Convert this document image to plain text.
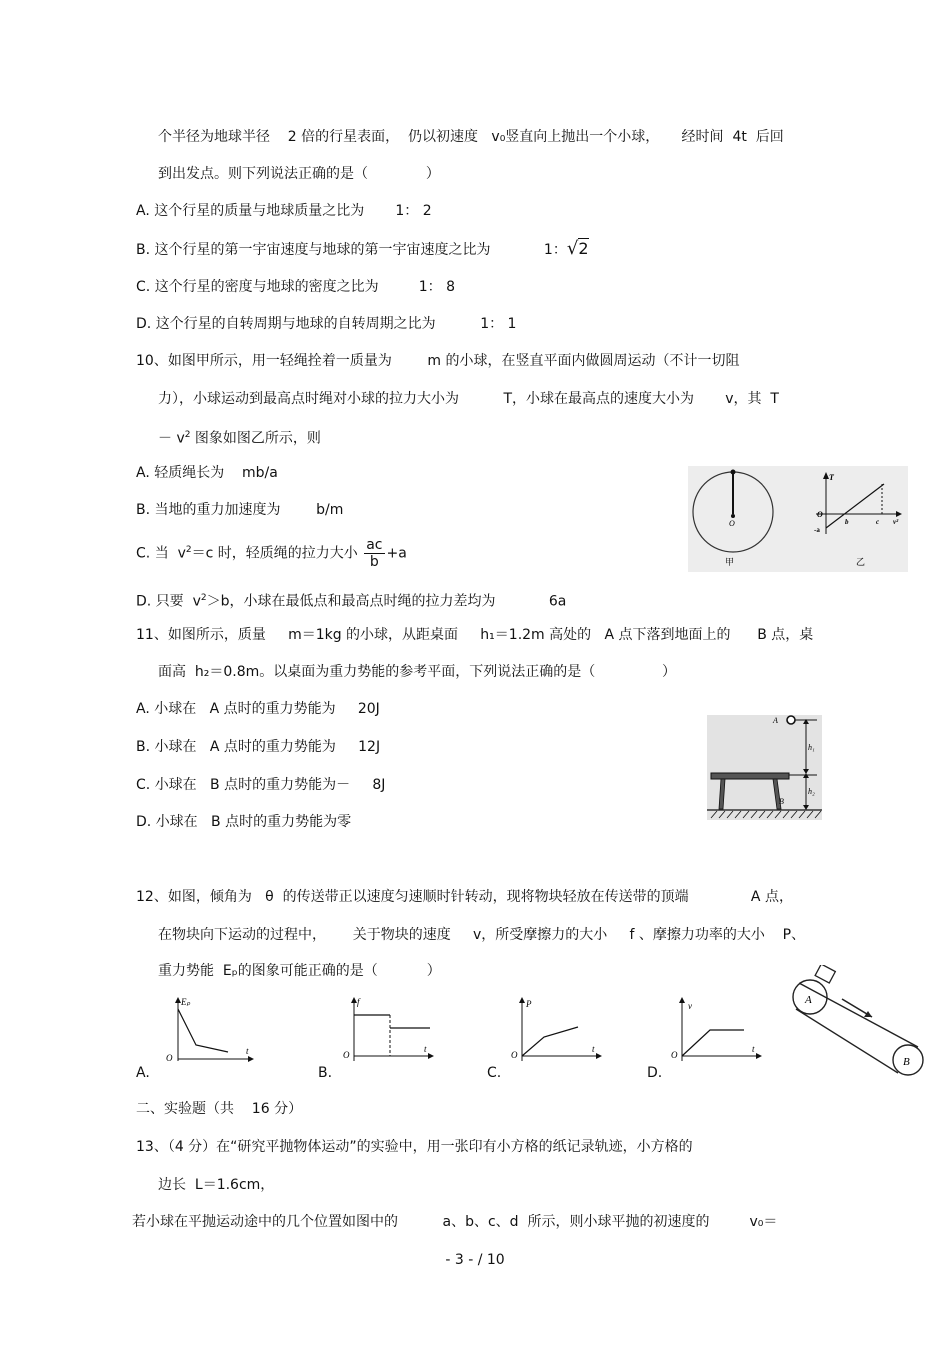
个半径为地球半径    2 倍的行星表面，  仍以初速度   v₀竖直向上抛出一个小球，     经时间  4t  后回
到出发点。则下列说法正确的是（             ）
A. 这个行星的质量与地球质量之比为       1： 2
B. 这个行星的第一宇宙速度与地球的第一宇宙速度之比为            1：√2
C. 这个行星的密度与地球的密度之比为         1： 8
D. 这个行星的自转周期与地球的自转周期之比为          1： 1
10、如图甲所示，用一轻绳拴着一质量为        m 的小球，在竖直平面内做圆周运动（不计一切阻
力），小球运动到最高点时绳对小球的拉力大小为          T，小球在最高点的速度大小为       v，其  T
－ $v^2$ 图象如图乙所示，则
A. 轻质绳长为    mb/a
B. 当地的重力加速度为        b/m
C. 当  $v^2=c$ 时，轻质绳的拉力大小 $\frac{ac}{b} +a$
D. 只要  $v^2>b$，小球在最低点和最高点时绳的拉力差均为            6a
O
甲
T
O
-a
b	c v²
乙
11、如图所示，质量     m＝1kg 的小球，从距桌面     h₁＝1.2m 高处的   A 点下落到地面上的      B 点，桌
面高  h₂＝0.8m。以桌面为重力势能的参考平面，下列说法正确的是（               ）
A. 小球在   A 点时的重力势能为     20J
B. 小球在   A 点时的重力势能为     12J
C. 小球在   B 点时的重力势能为－     8J
D. 小球在   B 点时的重力势能为零
A
B
h₁
h₂
12、如图，倾角为   θ  的传送带正以速度匀速顺时针转动，现将物块轻放在传送带的顶端              A 点，
在物块向下运动的过程中，      关于物块的速度     v，所受摩擦力的大小     f 、摩擦力功率的大小    P、
重力势能  Eₚ的图象可能正确的是（           ）
A.
Eₚ
O
t
B.
f
O
t
C.
P
O
t
D.
v
O
t
A
B
二、实验题（共    16 分）
13、（4 分）在“研究平抛物体运动”的实验中，用一张印有小方格的纸记录轨迹，小方格的
边长  L＝1.6cm，
若小球在平抛运动途中的几个位置如图中的          a、b、c、d  所示，则小球平抛的初速度的         v₀＝
- 3 - / 10
